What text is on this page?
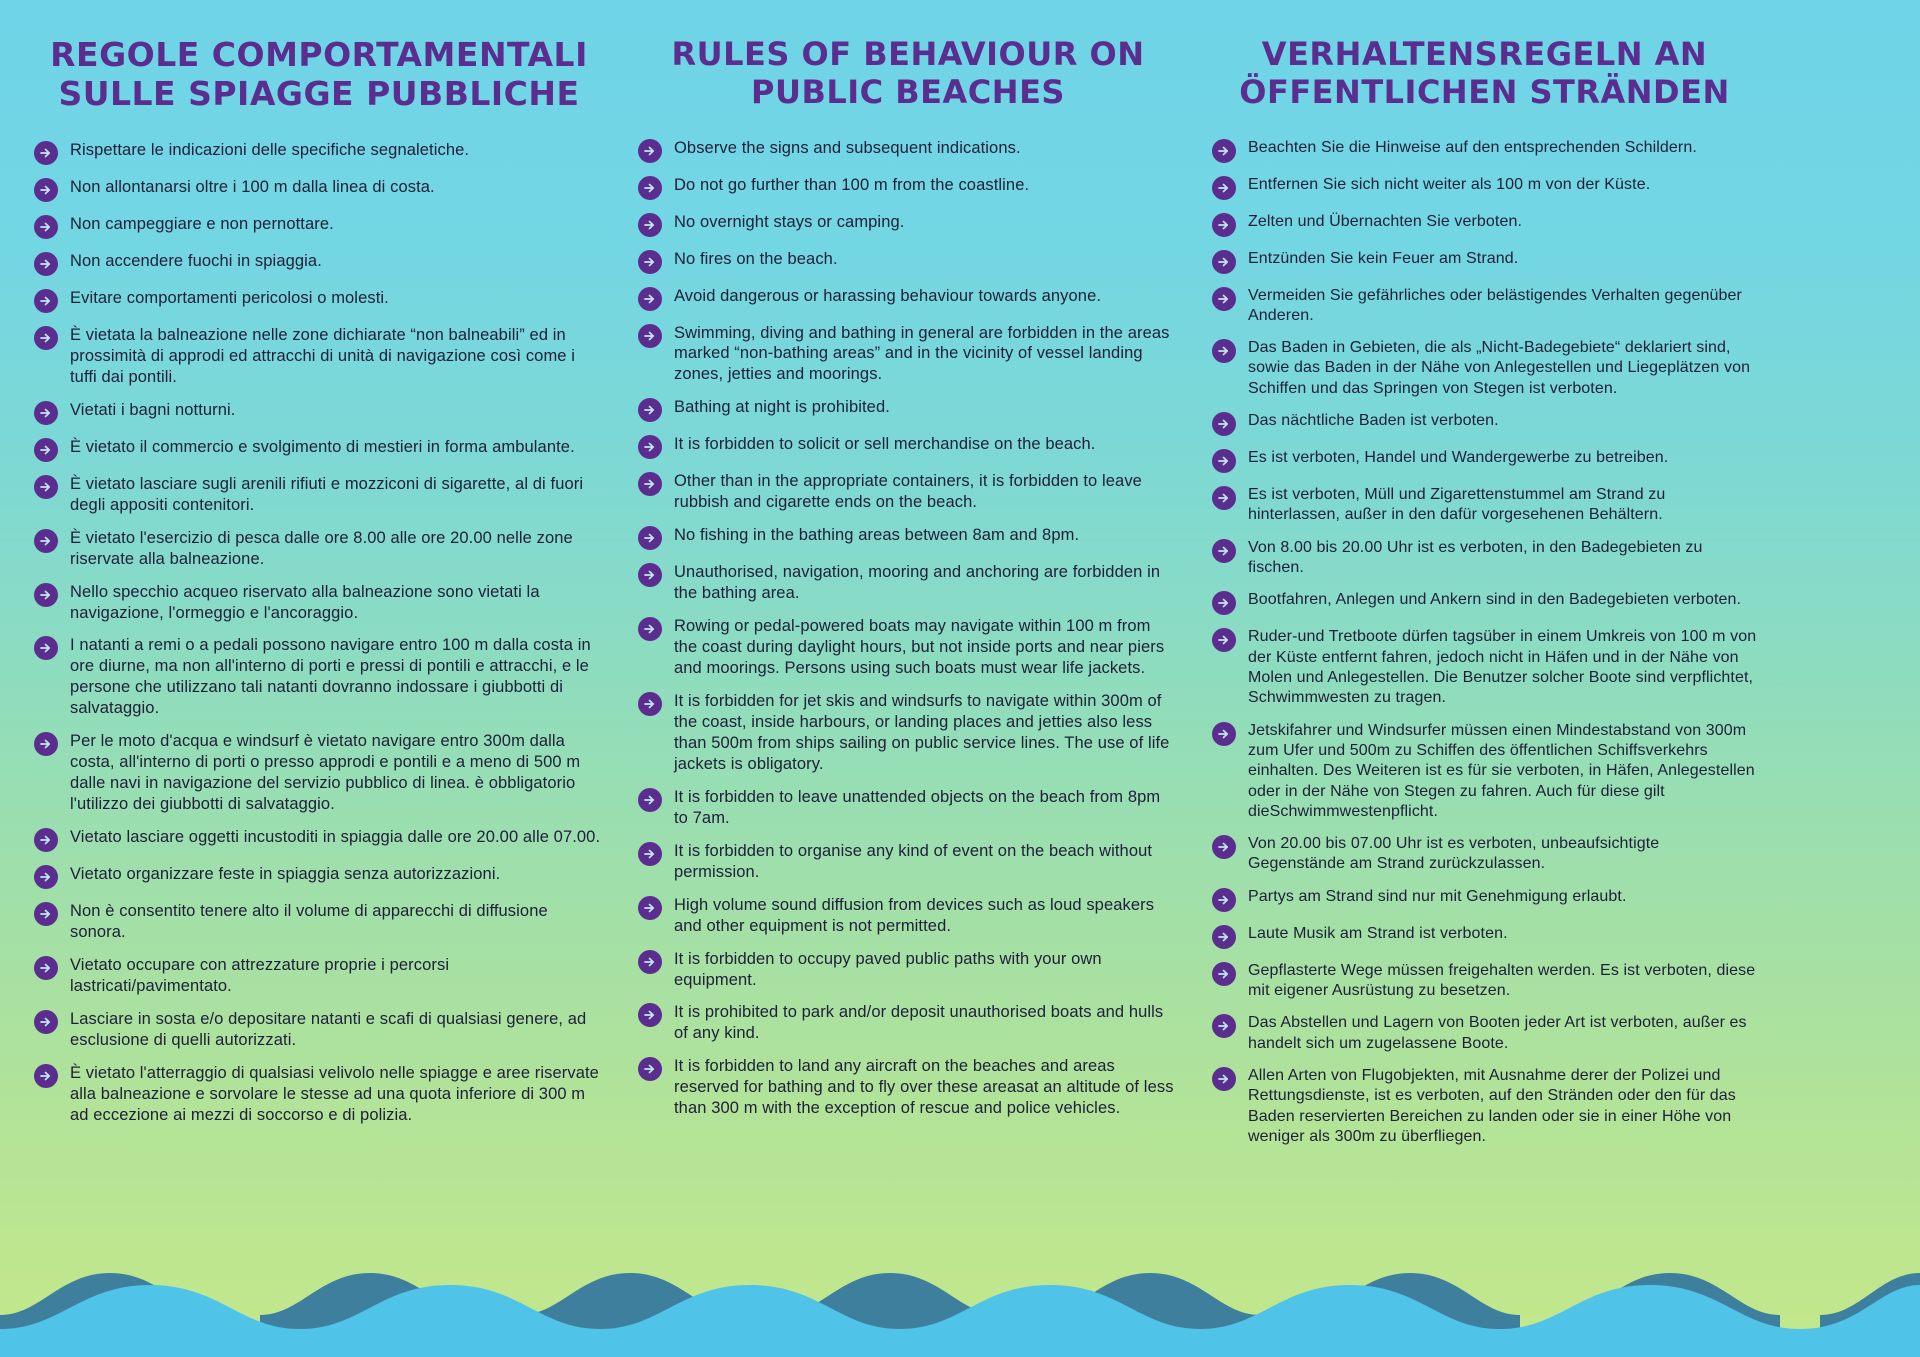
REGOLE COMPORTAMENTALI SULLE SPIAGGE PUBBLICHE
Rispettare le indicazioni delle specifiche segnaletiche.
Non allontanarsi oltre i 100 m dalla linea di costa.
Non campeggiare e non pernottare.
Non accendere fuochi in spiaggia.
Evitare comportamenti pericolosi o molesti.
È vietata la balneazione nelle zone dichiarate “non balneabili” ed in prossimità di approdi ed attracchi di unità di navigazione così come i tuffi dai pontili.
Vietati i bagni notturni.
È vietato il commercio e svolgimento di mestieri in forma ambulante.
È vietato lasciare sugli arenili rifiuti e mozziconi di sigarette, al di fuori degli appositi contenitori.
È vietato l'esercizio di pesca dalle ore 8.00 alle ore 20.00 nelle zone riservate alla balneazione.
Nello specchio acqueo riservato alla balneazione sono vietati la navigazione, l'ormeggio e l'ancoraggio.
I natanti a remi o a pedali possono navigare entro 100 m dalla costa in ore diurne, ma non all'interno di porti e pressi di pontili e attracchi, e le persone che utilizzano tali natanti dovranno indossare i giubbotti di salvataggio.
Per le moto d'acqua e windsurf è vietato navigare entro 300m dalla costa, all'interno di porti o presso approdi e pontili e a meno di 500 m dalle navi in navigazione del servizio pubblico di linea. è obbligatorio l'utilizzo dei giubbotti di salvataggio.
Vietato lasciare oggetti incustoditi in spiaggia dalle ore 20.00 alle 07.00.
Vietato organizzare feste in spiaggia senza autorizzazioni.
Non è consentito tenere alto il volume di apparecchi di diffusione sonora.
Vietato occupare con attrezzature proprie i percorsi lastricati/pavimentato.
Lasciare in sosta e/o depositare natanti e scafi di qualsiasi genere, ad esclusione di quelli autorizzati.
È vietato l'atterraggio di qualsiasi velivolo nelle spiagge e aree riservate alla balneazione e sorvolare le stesse ad una quota inferiore di 300 m ad eccezione ai mezzi di soccorso e di polizia.
RULES OF BEHAVIOUR ON PUBLIC BEACHES
Observe the signs and subsequent indications.
Do not go further than 100 m from the coastline.
No overnight stays or camping.
No fires on the beach.
Avoid dangerous or harassing behaviour towards anyone.
Swimming, diving and bathing in general are forbidden in the areas marked “non-bathing areas” and in the vicinity of vessel landing zones, jetties and moorings.
Bathing at night is prohibited.
It is forbidden to solicit or sell merchandise on the beach.
Other than in the appropriate containers, it is forbidden to leave rubbish and cigarette ends on the beach.
No fishing in the bathing areas between 8am and 8pm.
Unauthorised, navigation, mooring and anchoring are forbidden in the bathing area.
Rowing or pedal-powered boats may navigate within 100 m from the coast during daylight hours, but not inside ports and near piers and moorings. Persons using such boats must wear life jackets.
It is forbidden for jet skis and windsurfs to navigate within 300m of the coast, inside harbours, or landing places and jetties also less than 500m from ships sailing on public service lines. The use of life jackets is obligatory.
It is forbidden to leave unattended objects on the beach from 8pm to 7am.
It is forbidden to organise any kind of event on the beach without permission.
High volume sound diffusion from devices such as loud speakers and other equipment is not permitted.
It is forbidden to occupy paved public paths with your own equipment.
It is prohibited to park and/or deposit unauthorised boats and hulls of any kind.
It is forbidden to land any aircraft on the beaches and areas reserved for bathing and to fly over these areasat an altitude of less than 300 m with the exception of rescue and police vehicles.
VERHALTENSREGELN AN ÖFFENTLICHEN STRÄNDEN
Beachten Sie die Hinweise auf den entsprechenden Schildern.
Entfernen Sie sich nicht weiter als 100 m von der Küste.
Zelten und Übernachten Sie verboten.
Entzünden Sie kein Feuer am Strand.
Vermeiden Sie gefährliches oder belästigendes Verhalten gegenüber Anderen.
Das Baden in Gebieten, die als „Nicht-Badegebiete“ deklariert sind, sowie das Baden in der Nähe von Anlegestellen und Liegeplätzen von Schiffen und das Springen von Stegen ist verboten.
Das nächtliche Baden ist verboten.
Es ist verboten, Handel und Wandergewerbe zu betreiben.
Es ist verboten, Müll und Zigarettenstummel am Strand zu hinterlassen, außer in den dafür vorgesehenen Behältern.
Von 8.00 bis 20.00 Uhr ist es verboten, in den Badegebieten zu fischen.
Bootfahren, Anlegen und Ankern sind in den Badegebieten verboten.
Ruder-und Tretboote dürfen tagsüber in einem Umkreis von 100 m von der Küste entfernt fahren, jedoch nicht in Häfen und in der Nähe von Molen und Anlegestellen. Die Benutzer solcher Boote sind verpflichtet, Schwimmwesten zu tragen.
Jetskifahrer und Windsurfer müssen einen Mindestabstand von 300m zum Ufer und 500m zu Schiffen des öffentlichen Schiffsverkehrs einhalten. Des Weiteren ist es für sie verboten, in Häfen, Anlegestellen oder in der Nähe von Stegen zu fahren. Auch für diese gilt dieSchwimmwestenpflicht.
Von 20.00 bis 07.00 Uhr ist es verboten, unbeaufsichtigte Gegenstände am Strand zurückzulassen.
Partys am Strand sind nur mit Genehmigung erlaubt.
Laute Musik am Strand ist verboten.
Gepflasterte Wege müssen freigehalten werden. Es ist verboten, diese mit eigener Ausrüstung zu besetzen.
Das Abstellen und Lagern von Booten jeder Art ist verboten, außer es handelt sich um zugelassene Boote.
Allen Arten von Flugobjekten, mit Ausnahme derer der Polizei und Rettungsdienste, ist es verboten, auf den Stränden oder den für das Baden reservierten Bereichen zu landen oder sie in einer Höhe von weniger als 300m zu überfliegen.
